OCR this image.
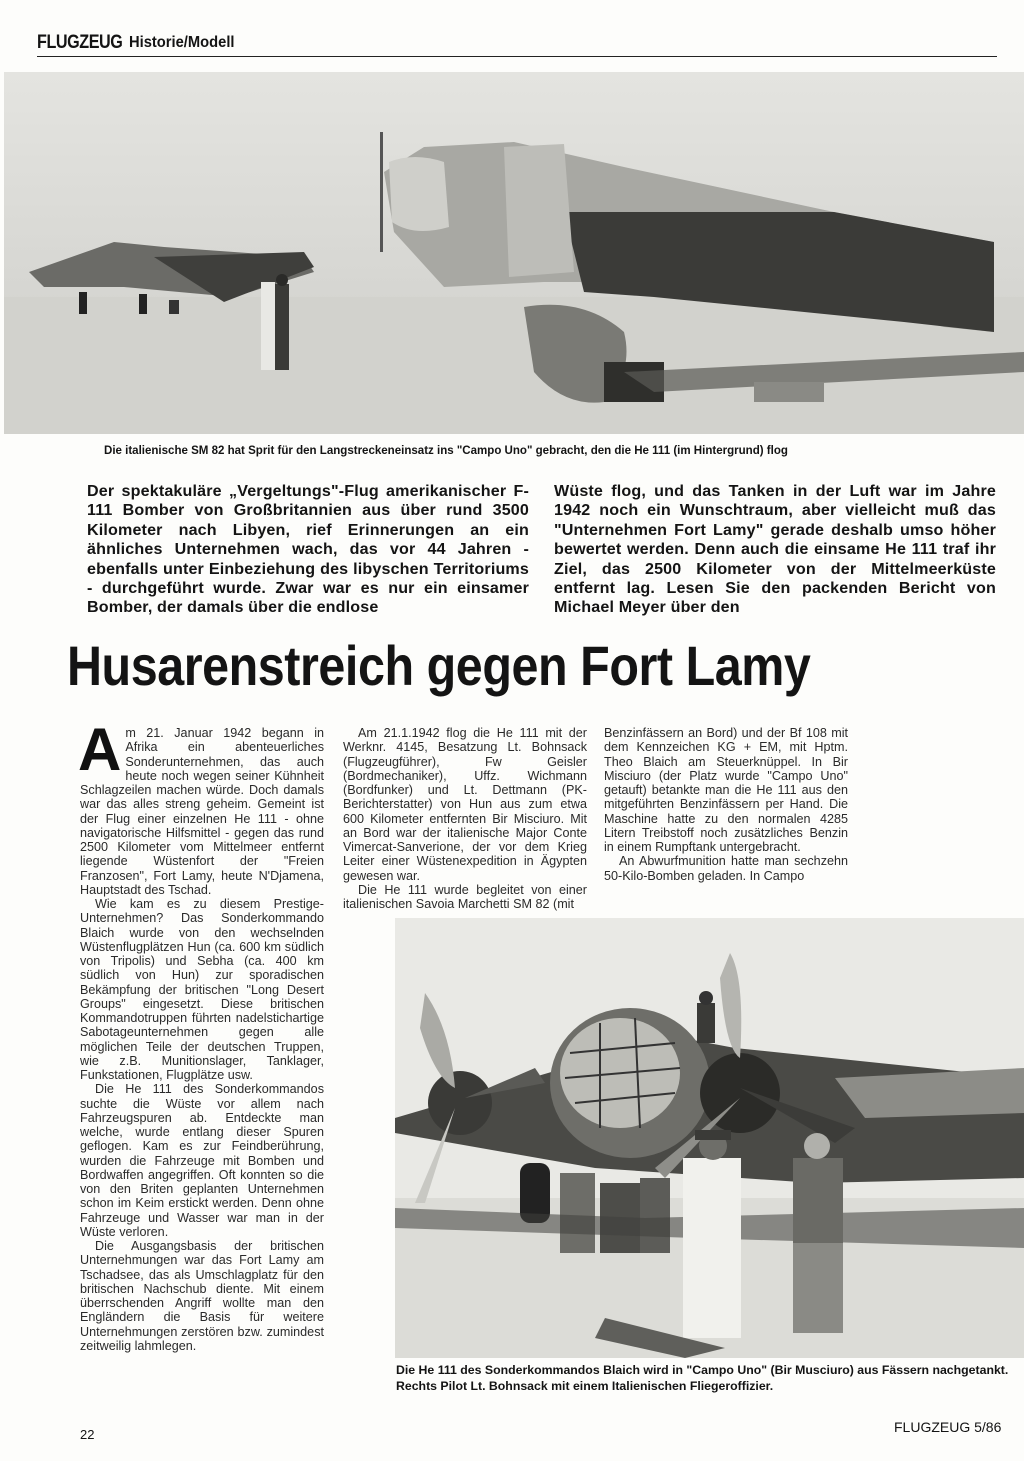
FLUGZEUG Historie/Modell
Die italienische SM 82 hat Sprit für den Langstreckeneinsatz ins "Campo Uno" gebracht, den die He 111 (im Hintergrund) flog
Der spektakuläre „Vergeltungs"-Flug amerikanischer F-111 Bomber von Großbritannien aus über rund 3500 Kilometer nach Libyen, rief Erinnerungen an ein ähnliches Unternehmen wach, das vor 44 Jahren - ebenfalls unter Einbeziehung des libyschen Territoriums - durchgeführt wurde. Zwar war es nur ein einsamer Bomber, der damals über die endlose
Wüste flog, und das Tanken in der Luft war im Jahre 1942 noch ein Wunschtraum, aber vielleicht muß das "Unternehmen Fort Lamy" gerade deshalb umso höher bewertet werden. Denn auch die einsame He 111 traf ihr Ziel, das 2500 Kilometer von der Mittelmeerküste entfernt lag. Lesen Sie den packenden Bericht von Michael Meyer über den
Husarenstreich gegen Fort Lamy

Am 21. Januar 1942 begann in Afrika ein abenteuerliches Sonderunternehmen, das auch heute noch wegen seiner Kühnheit Schlagzeilen machen würde. Doch damals war das alles streng geheim. Gemeint ist der Flug einer einzelnen He 111 - ohne navigatorische Hilfsmittel - gegen das rund 2500 Kilometer vom Mittelmeer entfernt liegende Wüstenfort der "Freien Franzosen", Fort Lamy, heute N'Djamena, Hauptstadt des Tschad.

Wie kam es zu diesem Prestige-Unternehmen? Das Sonderkommando Blaich wurde von den wechselnden Wüstenflugplätzen Hun (ca. 600 km südlich von Tripolis) und Sebha (ca. 400 km südlich von Hun) zur sporadischen Bekämpfung der britischen "Long Desert Groups" eingesetzt. Diese britischen Kommandotruppen führten nadelstichartige Sabotageunternehmen gegen alle möglichen Teile der deutschen Truppen, wie z.B. Munitionslager, Tanklager, Funkstationen, Flugplätze usw.

Die He 111 des Sonderkommandos suchte die Wüste vor allem nach Fahrzeugspuren ab. Entdeckte man welche, wurde entlang dieser Spuren geflogen. Kam es zur Feindberührung, wurden die Fahrzeuge mit Bomben und Bordwaffen angegriffen. Oft konnten so die von den Briten geplanten Unternehmen schon im Keim erstickt werden. Denn ohne Fahrzeuge und Wasser war man in der Wüste verloren.

Die Ausgangsbasis der britischen Unternehmungen war das Fort Lamy am Tschadsee, das als Umschlagplatz für den britischen Nachschub diente. Mit einem überrschenden Angriff wollte man den Engländern die Basis für weitere Unternehmungen zerstören bzw. zumindest zeitweilig lahmlegen.

Am 21.1.1942 flog die He 111 mit der Werknr. 4145, Besatzung Lt. Bohnsack (Flugzeugführer), Fw Geisler (Bordmechaniker), Uffz. Wichmann (Bordfunker) und Lt. Dettmann (PK-Berichterstatter) von Hun aus zum etwa 600 Kilometer entfernten Bir Misciuro. Mit an Bord war der italienische Major Conte Vimercat-Sanverione, der vor dem Krieg Leiter einer Wüstenexpedition in Ägypten gewesen war.

Die He 111 wurde begleitet von einer italienischen Savoia Marchetti SM 82 (mit

Benzinfässern an Bord) und der Bf 108 mit dem Kennzeichen KG + EM, mit Hptm. Theo Blaich am Steuerknüppel. In Bir Misciuro (der Platz wurde "Campo Uno" getauft) betankte man die He 111 aus den mitgeführten Benzinfässern per Hand. Die Maschine hatte zu den normalen 4285 Litern Treibstoff noch zusätzliches Benzin in einem Rumpftank untergebracht.

An Abwurfmunition hatte man sechzehn 50-Kilo-Bomben geladen. In Campo

Die He 111 des Sonderkommandos Blaich wird in "Campo Uno" (Bir Musciuro) aus Fässern nachgetankt. Rechts Pilot Lt. Bohnsack mit einem Italienischen Fliegeroffizier.
22	FLUGZEUG 5/86
